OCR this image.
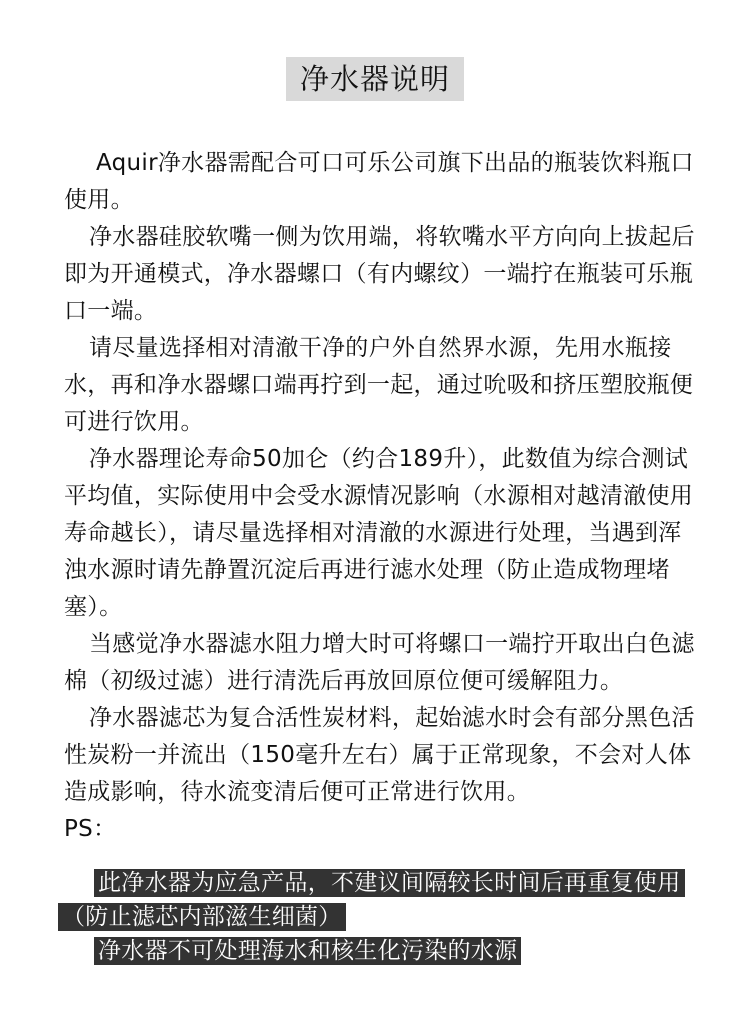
净水器说明

Aquir净水器需配合可口可乐公司旗下出品的瓶装饮料瓶口使用。

净水器硅胶软嘴一侧为饮用端，将软嘴水平方向向上拔起后即为开通模式，净水器螺口（有内螺纹）一端拧在瓶装可乐瓶口一端。

请尽量选择相对清澈干净的户外自然界水源，先用水瓶接水，再和净水器螺口端再拧到一起，通过吮吸和挤压塑胶瓶便可进行饮用。

净水器理论寿命50加仑（约合189升），此数值为综合测试平均值，实际使用中会受水源情况影响（水源相对越清澈使用寿命越长），请尽量选择相对清澈的水源进行处理，当遇到浑浊水源时请先静置沉淀后再进行滤水处理（防止造成物理堵塞）。

当感觉净水器滤水阻力增大时可将螺口一端拧开取出白色滤棉（初级过滤）进行清洗后再放回原位便可缓解阻力。

净水器滤芯为复合活性炭材料，起始滤水时会有部分黑色活性炭粉一并流出（150毫升左右）属于正常现象，不会对人体造成影响，待水流变清后便可正常进行饮用。

PS：

此净水器为应急产品，不建议间隔较长时间后再重复使用（防止滤芯内部滋生细菌）

净水器不可处理海水和核生化污染的水源
